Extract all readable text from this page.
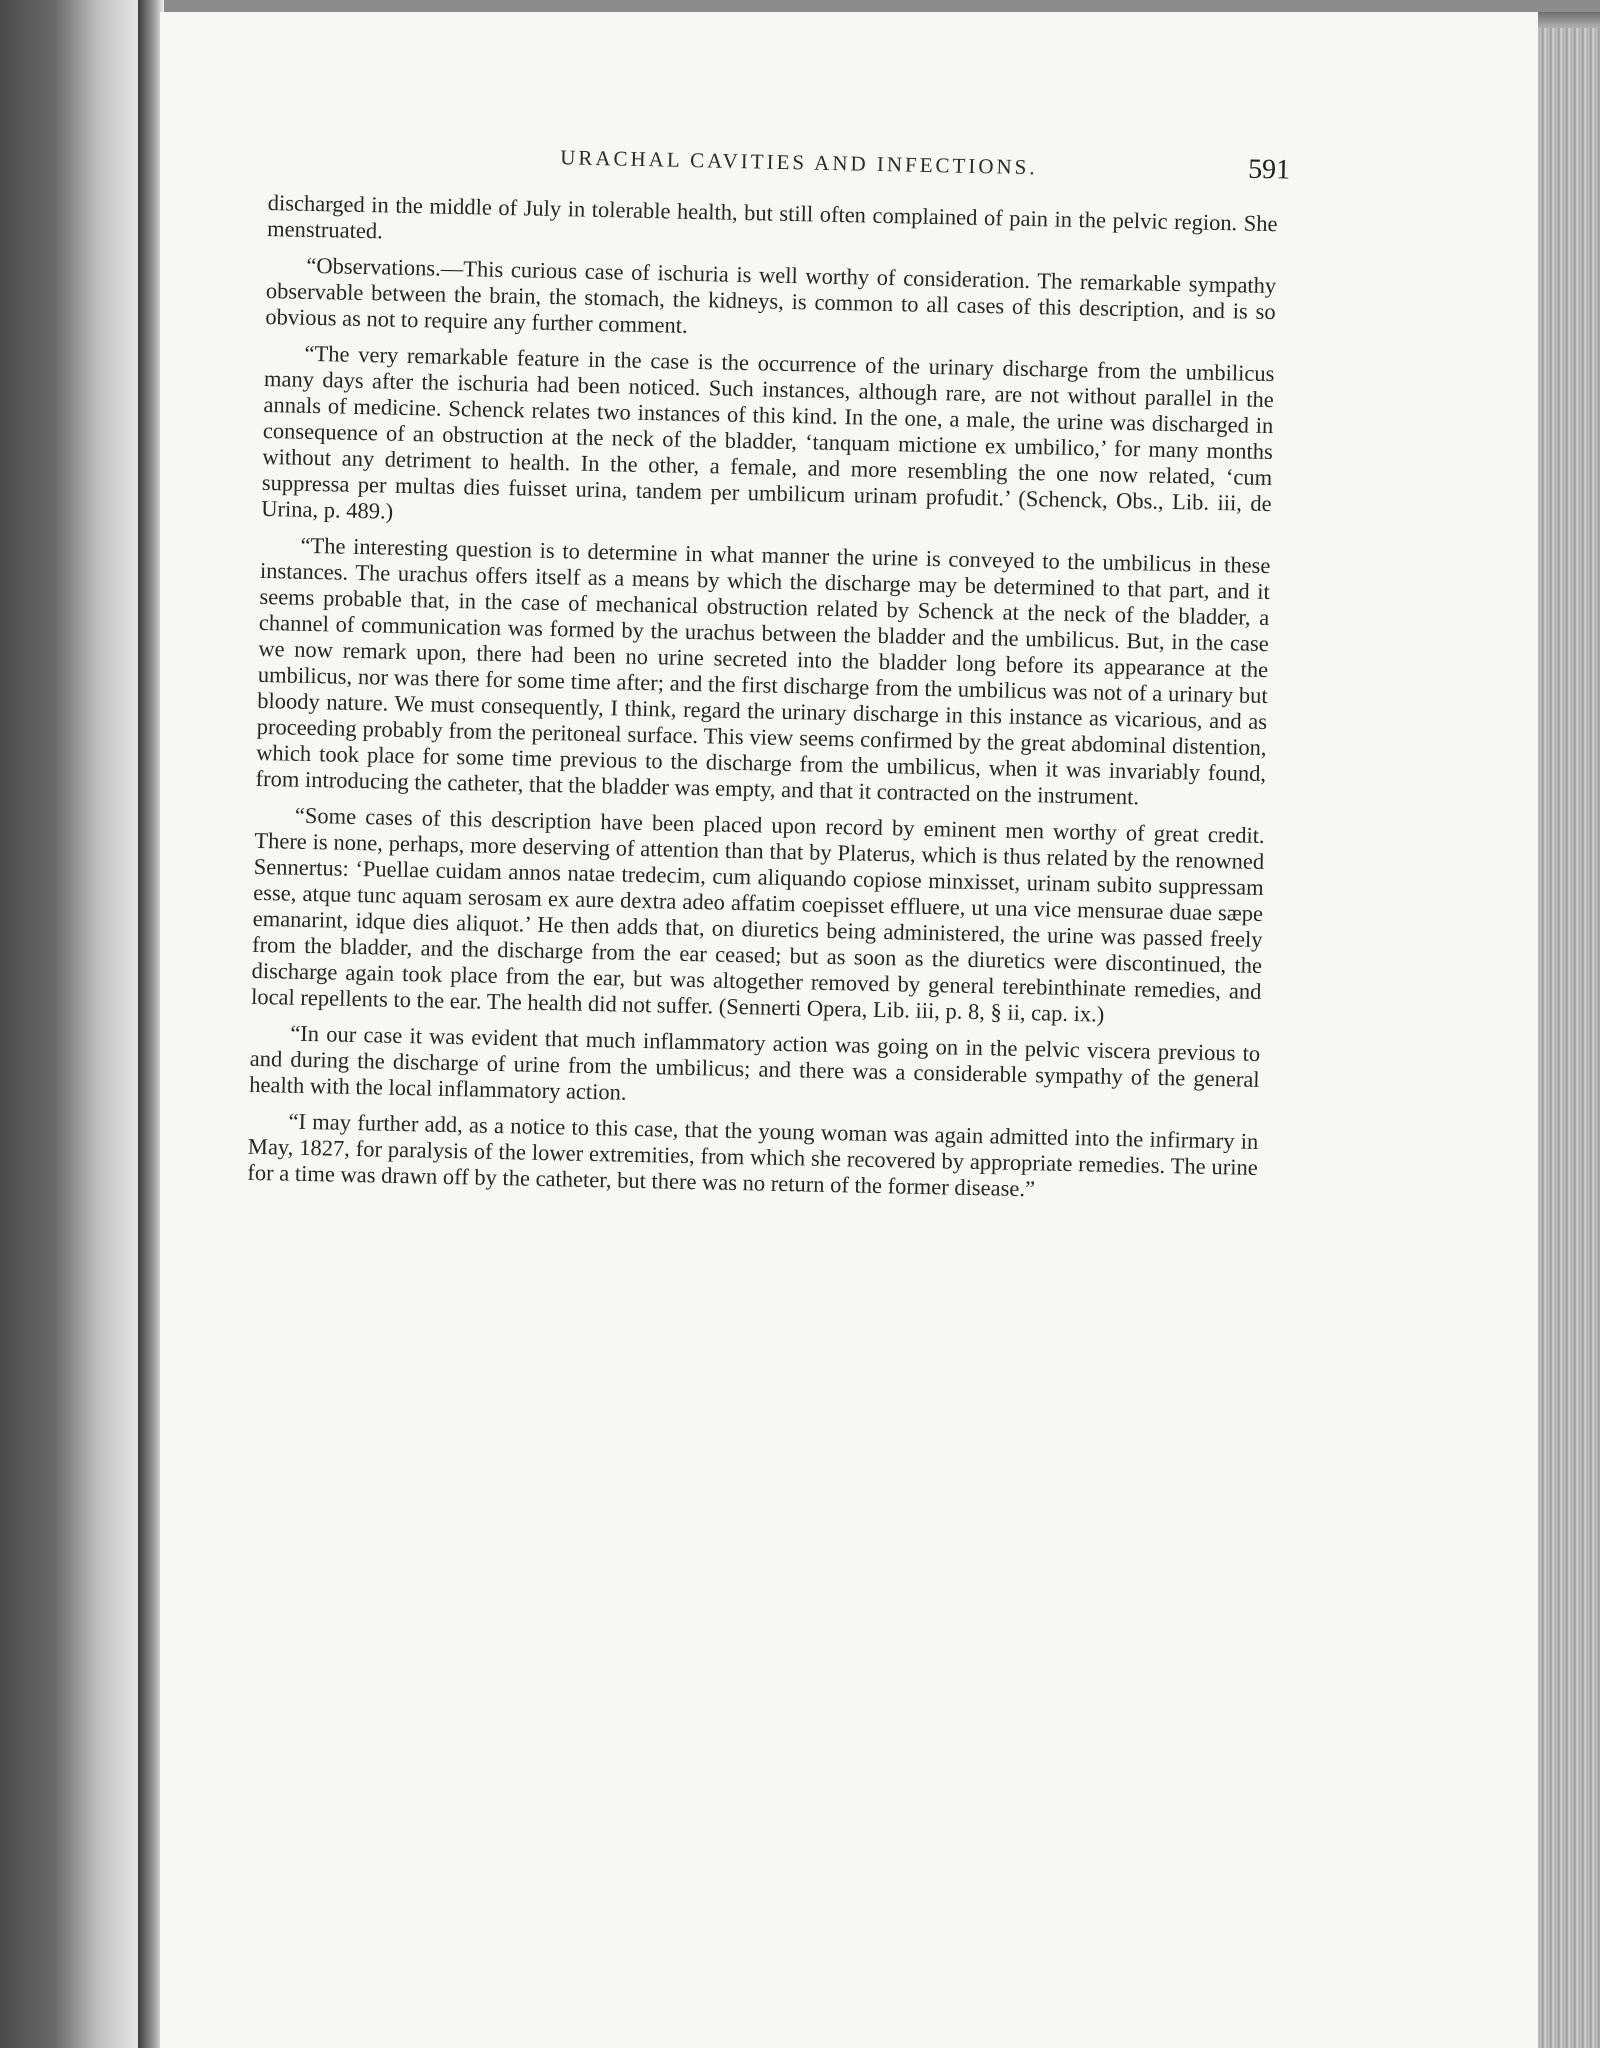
URACHAL CAVITIES AND INFECTIONS.	591

discharged in the middle of July in tolerable health, but still often complained of pain in the pelvic region. She menstruated.

“Observations.—This curious case of ischuria is well worthy of consideration. The remarkable sympathy observable between the brain, the stomach, the kidneys, is common to all cases of this description, and is so obvious as not to require any further comment.

“The very remarkable feature in the case is the occurrence of the urinary discharge from the umbilicus many days after the ischuria had been noticed. Such instances, although rare, are not without parallel in the annals of medicine. Schenck relates two instances of this kind. In the one, a male, the urine was discharged in consequence of an obstruction at the neck of the bladder, ‘tanquam mictione ex umbilico,’ for many months without any detriment to health. In the other, a female, and more resembling the one now related, ‘cum suppressa per multas dies fuisset urina, tandem per umbilicum urinam profudit.’ (Schenck, Obs., Lib. iii, de Urina, p. 489.)

“The interesting question is to determine in what manner the urine is conveyed to the umbilicus in these instances. The urachus offers itself as a means by which the discharge may be determined to that part, and it seems probable that, in the case of mechanical obstruction related by Schenck at the neck of the bladder, a channel of communication was formed by the urachus between the bladder and the umbilicus. But, in the case we now remark upon, there had been no urine secreted into the bladder long before its appearance at the umbilicus, nor was there for some time after; and the first discharge from the umbilicus was not of a urinary but bloody nature. We must consequently, I think, regard the urinary discharge in this instance as vicarious, and as proceeding probably from the peritoneal surface. This view seems confirmed by the great abdominal distention, which took place for some time previous to the discharge from the umbilicus, when it was invariably found, from introducing the catheter, that the bladder was empty, and that it contracted on the instrument.

“Some cases of this description have been placed upon record by eminent men worthy of great credit. There is none, perhaps, more deserving of attention than that by Platerus, which is thus related by the renowned Sennertus: ‘Puellae cuidam annos natae tredecim, cum aliquando copiose minxisset, urinam subito suppressam esse, atque tunc aquam serosam ex aure dextra adeo affatim coepisset effluere, ut una vice mensurae duae sæpe emanarint, idque dies aliquot.’ He then adds that, on diuretics being administered, the urine was passed freely from the bladder, and the discharge from the ear ceased; but as soon as the diuretics were discontinued, the discharge again took place from the ear, but was altogether removed by general terebinthinate remedies, and local repellents to the ear. The health did not suffer. (Sennerti Opera, Lib. iii, p. 8, § ii, cap. ix.)

“In our case it was evident that much inflammatory action was going on in the pelvic viscera previous to and during the discharge of urine from the umbilicus; and there was a considerable sympathy of the general health with the local inflammatory action.

“I may further add, as a notice to this case, that the young woman was again admitted into the infirmary in May, 1827, for paralysis of the lower extremities, from which she recovered by appropriate remedies. The urine for a time was drawn off by the catheter, but there was no return of the former disease.”
